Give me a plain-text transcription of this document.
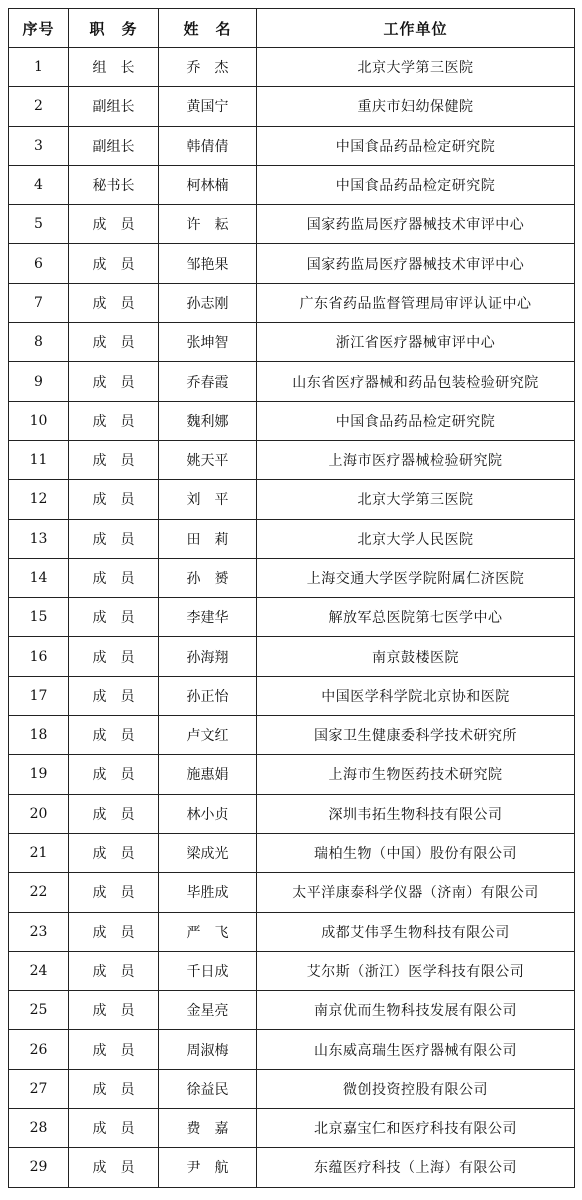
序号	职　务	姓　名	工作单位
1	组　长	乔　杰	北京大学第三医院
2	副组长	黄国宁	重庆市妇幼保健院
3	副组长	韩倩倩	中国食品药品检定研究院
4	秘书长	柯林楠	中国食品药品检定研究院
5	成　员	许　耘	国家药监局医疗器械技术审评中心
6	成　员	邹艳果	国家药监局医疗器械技术审评中心
7	成　员	孙志刚	广东省药品监督管理局审评认证中心
8	成　员	张坤智	浙江省医疗器械审评中心
9	成　员	乔春霞	山东省医疗器械和药品包装检验研究院
10	成　员	魏利娜	中国食品药品检定研究院
11	成　员	姚天平	上海市医疗器械检验研究院
12	成　员	刘　平	北京大学第三医院
13	成　员	田　莉	北京大学人民医院
14	成　员	孙　赟	上海交通大学医学院附属仁济医院
15	成　员	李建华	解放军总医院第七医学中心
16	成　员	孙海翔	南京鼓楼医院
17	成　员	孙正怡	中国医学科学院北京协和医院
18	成　员	卢文红	国家卫生健康委科学技术研究所
19	成　员	施惠娟	上海市生物医药技术研究院
20	成　员	林小贞	深圳韦拓生物科技有限公司
21	成　员	梁成光	瑞柏生物（中国）股份有限公司
22	成　员	毕胜成	太平洋康泰科学仪器（济南）有限公司
23	成　员	严　飞	成都艾伟孚生物科技有限公司
24	成　员	千日成	艾尔斯（浙江）医学科技有限公司
25	成　员	金星亮	南京优而生物科技发展有限公司
26	成　员	周淑梅	山东威高瑞生医疗器械有限公司
27	成　员	徐益民	微创投资控股有限公司
28	成　员	费　嘉	北京嘉宝仁和医疗科技有限公司
29	成　员	尹　航	东蕴医疗科技（上海）有限公司
